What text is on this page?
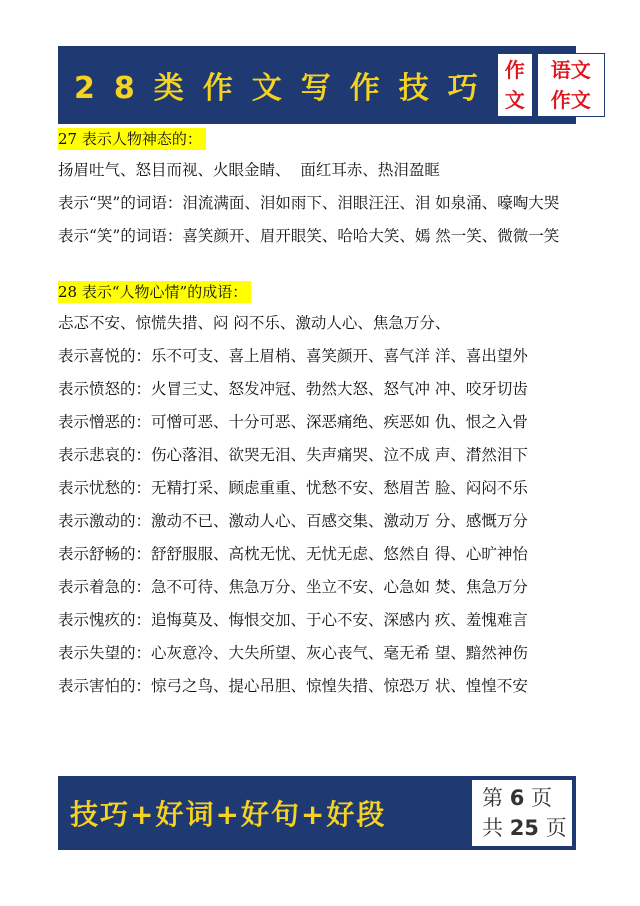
28类作文写作技巧
作
文
语文
作文
27 表示人物神态的：
扬眉吐气、怒目而视、火眼金睛、  面红耳赤、热泪盈眶
表示“哭”的词语：泪流满面、泪如雨下、泪眼汪汪、泪 如泉涌、嚎啕大哭
表示“笑”的词语：喜笑颜开、眉开眼笑、哈哈大笑、嫣 然一笑、微微一笑
28 表示“人物心情”的成语：
忐忑不安、惊慌失措、闷 闷不乐、激动人心、焦急万分、
表示喜悦的：乐不可支、喜上眉梢、喜笑颜开、喜气洋 洋、喜出望外
表示愤怒的：火冒三丈、怒发冲冠、勃然大怒、怒气冲 冲、咬牙切齿
表示憎恶的：可憎可恶、十分可恶、深恶痛绝、疾恶如 仇、恨之入骨
表示悲哀的：伤心落泪、欲哭无泪、失声痛哭、泣不成 声、潸然泪下
表示忧愁的：无精打采、顾虑重重、忧愁不安、愁眉苦 脸、闷闷不乐
表示激动的：激动不已、激动人心、百感交集、激动万 分、感慨万分
表示舒畅的：舒舒服服、高枕无忧、无忧无虑、悠然自 得、心旷神怡
表示着急的：急不可待、焦急万分、坐立不安、心急如 焚、焦急万分
表示愧疚的：追悔莫及、悔恨交加、于心不安、深感内 疚、羞愧难言
表示失望的：心灰意冷、大失所望、灰心丧气、毫无希 望、黯然神伤
表示害怕的：惊弓之鸟、提心吊胆、惊惶失措、惊恐万 状、惶惶不安
技巧+好词+好句+好段	第 6 页
共 25 页
